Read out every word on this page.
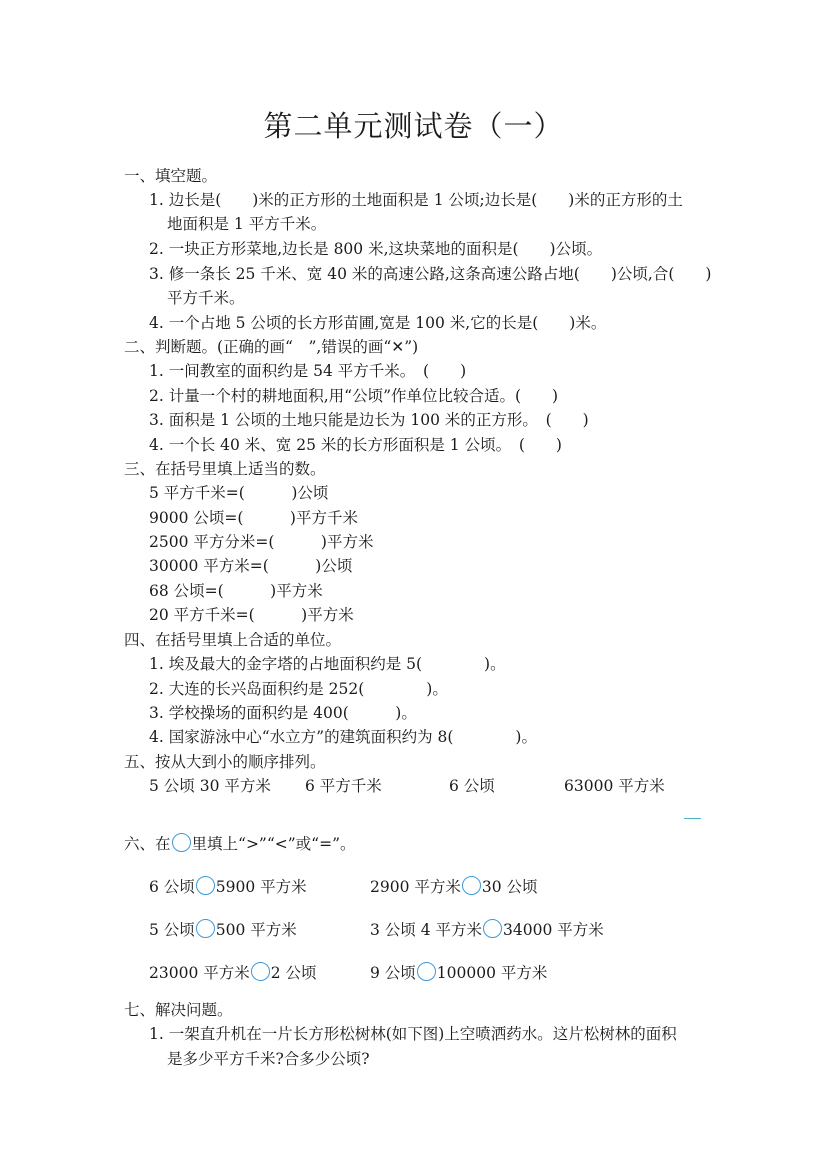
第二单元测试卷（一）
一、填空题。
1. 边长是(　　)米的正方形的土地面积是 1 公顷;边长是(　　)米的正方形的土
地面积是 1 平方千米。
2. 一块正方形菜地,边长是 800 米,这块菜地的面积是(　　)公顷。
3. 修一条长 25 千米、宽 40 米的高速公路,这条高速公路占地(　　)公顷,合(　　)
平方千米。
4. 一个占地 5 公顷的长方形苗圃,宽是 100 米,它的长是(　　)米。
二、判断题。(正确的画“　”,错误的画“✕”)
1. 一间教室的面积约是 54 平方千米。　(　　)
2. 计量一个村的耕地面积,用“公顷”作单位比较合适。(　　)
3. 面积是 1 公顷的土地只能是边长为 100 米的正方形。　(　　)
4. 一个长 40 米、宽 25 米的长方形面积是 1 公顷。　(　　)
三、在括号里填上适当的数。
5 平方千米=(　　　)公顷
9000 公顷=(　　　)平方千米
2500 平方分米=(　　　)平方米
30000 平方米=(　　　)公顷
68 公顷=(　　　)平方米
20 平方千米=(　　　)平方米
四、在括号里填上合适的单位。
1. 埃及最大的金字塔的占地面积约是 5(　　　　)。
2. 大连的长兴岛面积约是 252(　　　　)。
3. 学校操场的面积约是 400(　　　)。
4. 国家游泳中心“水立方”的建筑面积约为 8(　　　　)。
五、按从大到小的顺序排列。
5 公顷 30 平方米 6 平方千米	6 公顷	63000 平方米
六、在 里填上“>”“<”或“=”。
6 公顷 5900 平方米	2900 平方米 30 公顷
5 公顷 500 平方米	3 公顷 4 平方米 34000 平方米
23000 平方米 2 公顷	9 公顷 100000 平方米
七、解决问题。
1. 一架直升机在一片长方形松树林(如下图)上空喷洒药水。这片松树林的面积
是多少平方千米?合多少公顷?
